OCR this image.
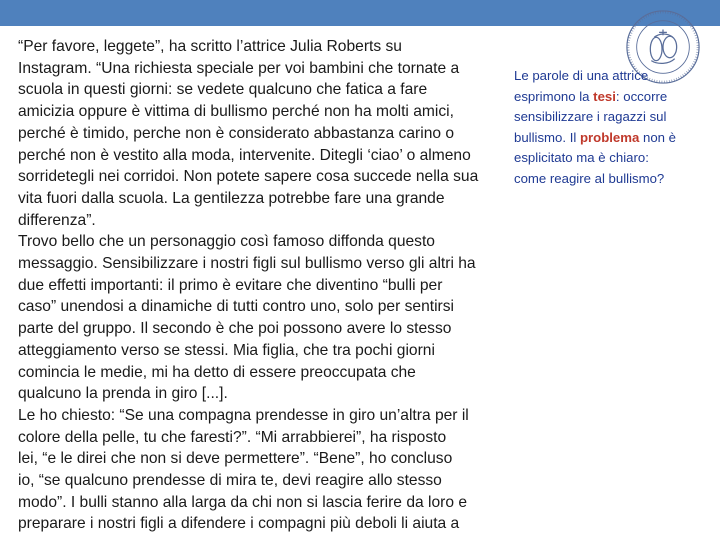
“Per favore, leggete”, ha scritto l’attrice Julia Roberts su
Instagram. “Una richiesta speciale per voi bambini che tornate a
scuola in questi giorni: se vedete qualcuno che fatica a fare
amicizia oppure è vittima di bullismo perché non ha molti amici,
perché è timido, perche non è considerato abbastanza carino o
perché non è vestito alla moda, intervenite. Ditegli ‘ciao’ o almeno
sorridetegli nei corridoi. Non potete sapere cosa succede nella sua
vita fuori dalla scuola. La gentilezza potrebbe fare una grande
differenza”.
Trovo bello che un personaggio così famoso diffonda questo
messaggio. Sensibilizzare i nostri figli sul bullismo verso gli altri ha
due effetti importanti: il primo è evitare che diventino “bulli per
caso” unendosi a dinamiche di tutti contro uno, solo per sentirsi
parte del gruppo. Il secondo è che poi possono avere lo stesso
atteggiamento verso se stessi. Mia figlia, che tra pochi giorni
comincia le medie, mi ha detto di essere preoccupata che
qualcuno la prenda in giro [...].
Le ho chiesto: “Se una compagna prendesse in giro un’altra per il
colore della pelle, tu che faresti?”. “Mi arrabbierei”, ha risposto
lei, “e le direi che non si deve permettere”. “Bene”, ho concluso
io, “se qualcuno prendesse di mira te, devi reagire allo stesso
modo”. I bulli stanno alla larga da chi non si lascia ferire da loro e
preparare i nostri figli a difendere i compagni più deboli li aiuta a
Le parole di una attrice
esprimono la tesi: occorre
sensibilizzare i ragazzi sul
bullismo. Il problema non è
esplicitato ma è chiaro:
come reagire al bullismo?
